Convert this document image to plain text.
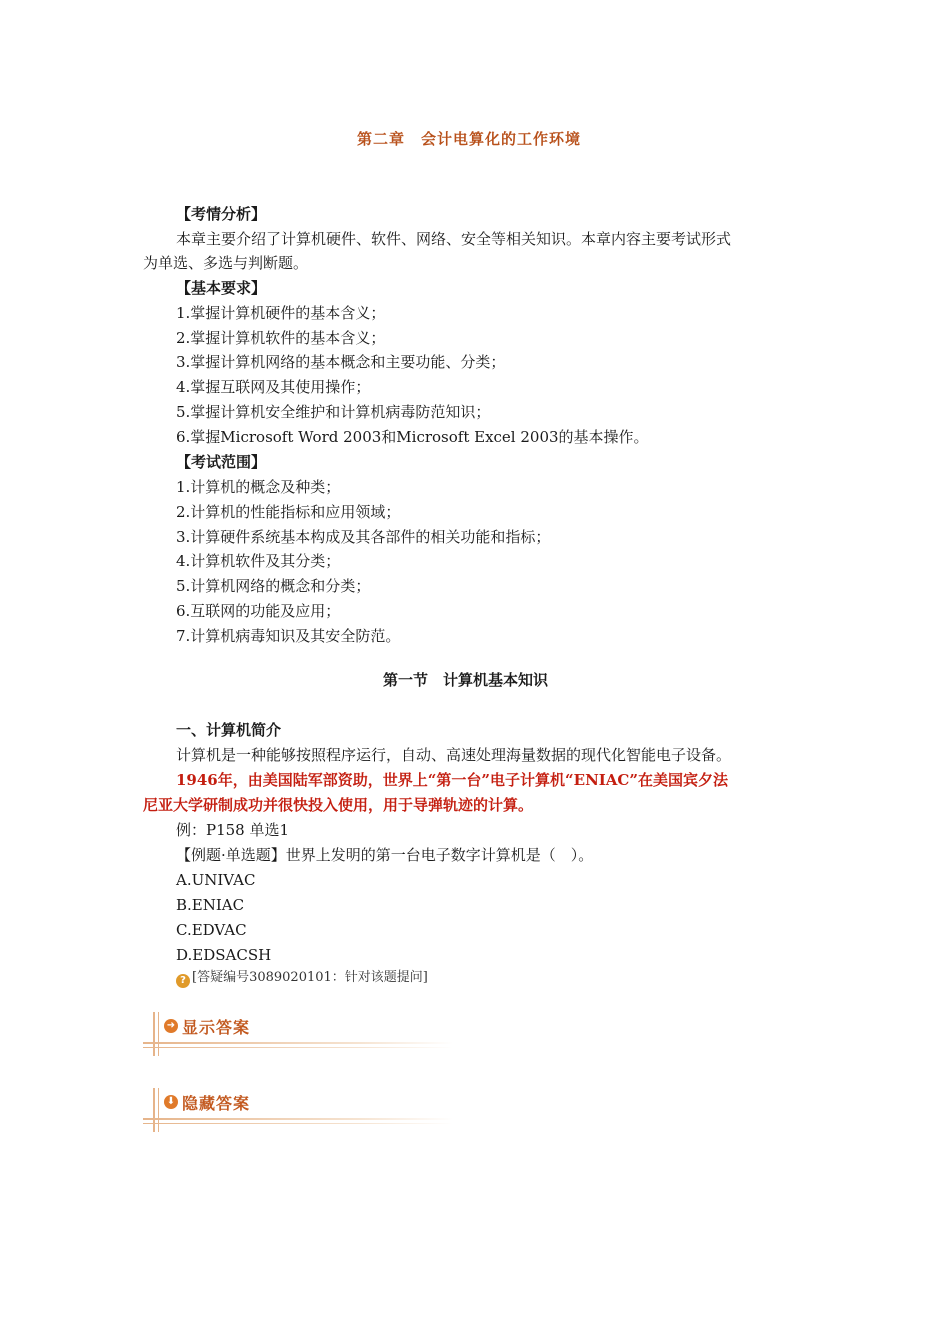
第二章　会计电算化的工作环境
【考情分析】
本章主要介绍了计算机硬件、软件、网络、安全等相关知识。本章内容主要考试形式
为单选、多选与判断题。
【基本要求】
1.掌握计算机硬件的基本含义；
2.掌握计算机软件的基本含义；
3.掌握计算机网络的基本概念和主要功能、分类；
4.掌握互联网及其使用操作；
5.掌握计算机安全维护和计算机病毒防范知识；
6.掌握Microsoft Word 2003和Microsoft Excel 2003的基本操作。
【考试范围】
1.计算机的概念及种类；
2.计算机的性能指标和应用领域；
3.计算硬件系统基本构成及其各部件的相关功能和指标；
4.计算机软件及其分类；
5.计算机网络的概念和分类；
6.互联网的功能及应用；
7.计算机病毒知识及其安全防范。
第一节　计算机基本知识
一、计算机简介
计算机是一种能够按照程序运行，自动、高速处理海量数据的现代化智能电子设备。
1946年，由美国陆军部资助，世界上“第一台”电子计算机“ENIAC”在美国宾夕法
尼亚大学研制成功并很快投入使用，用于导弹轨迹的计算。
例：P158 单选1
【例题·单选题】世界上发明的第一台电子数字计算机是（　）。
A.UNIVAC
B.ENIAC
C.EDVAC
D.EDSACSH
? [答疑编号3089020101：针对该题提问]
➜ 显示答案
⬇ 隐藏答案
